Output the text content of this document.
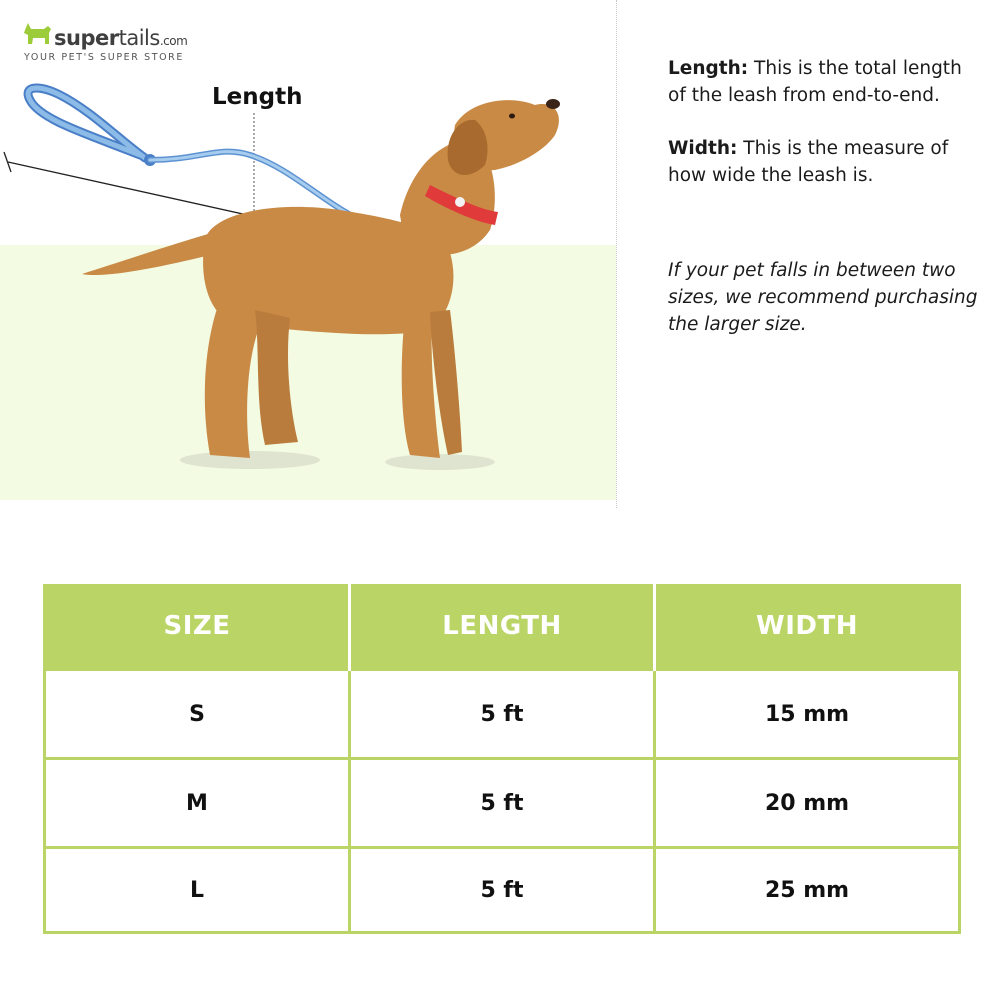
supertails.com
YOUR PET'S SUPER STORE
Length
Length: This is the total length of the leash from end-to-end.
Width: This is the measure of how wide the leash is.
If your pet falls in between two sizes, we recommend purchasing the larger size.
SIZE	LENGTH	WIDTH
S	5 ft	15 mm
M	5 ft	20 mm
L	5 ft	25 mm
